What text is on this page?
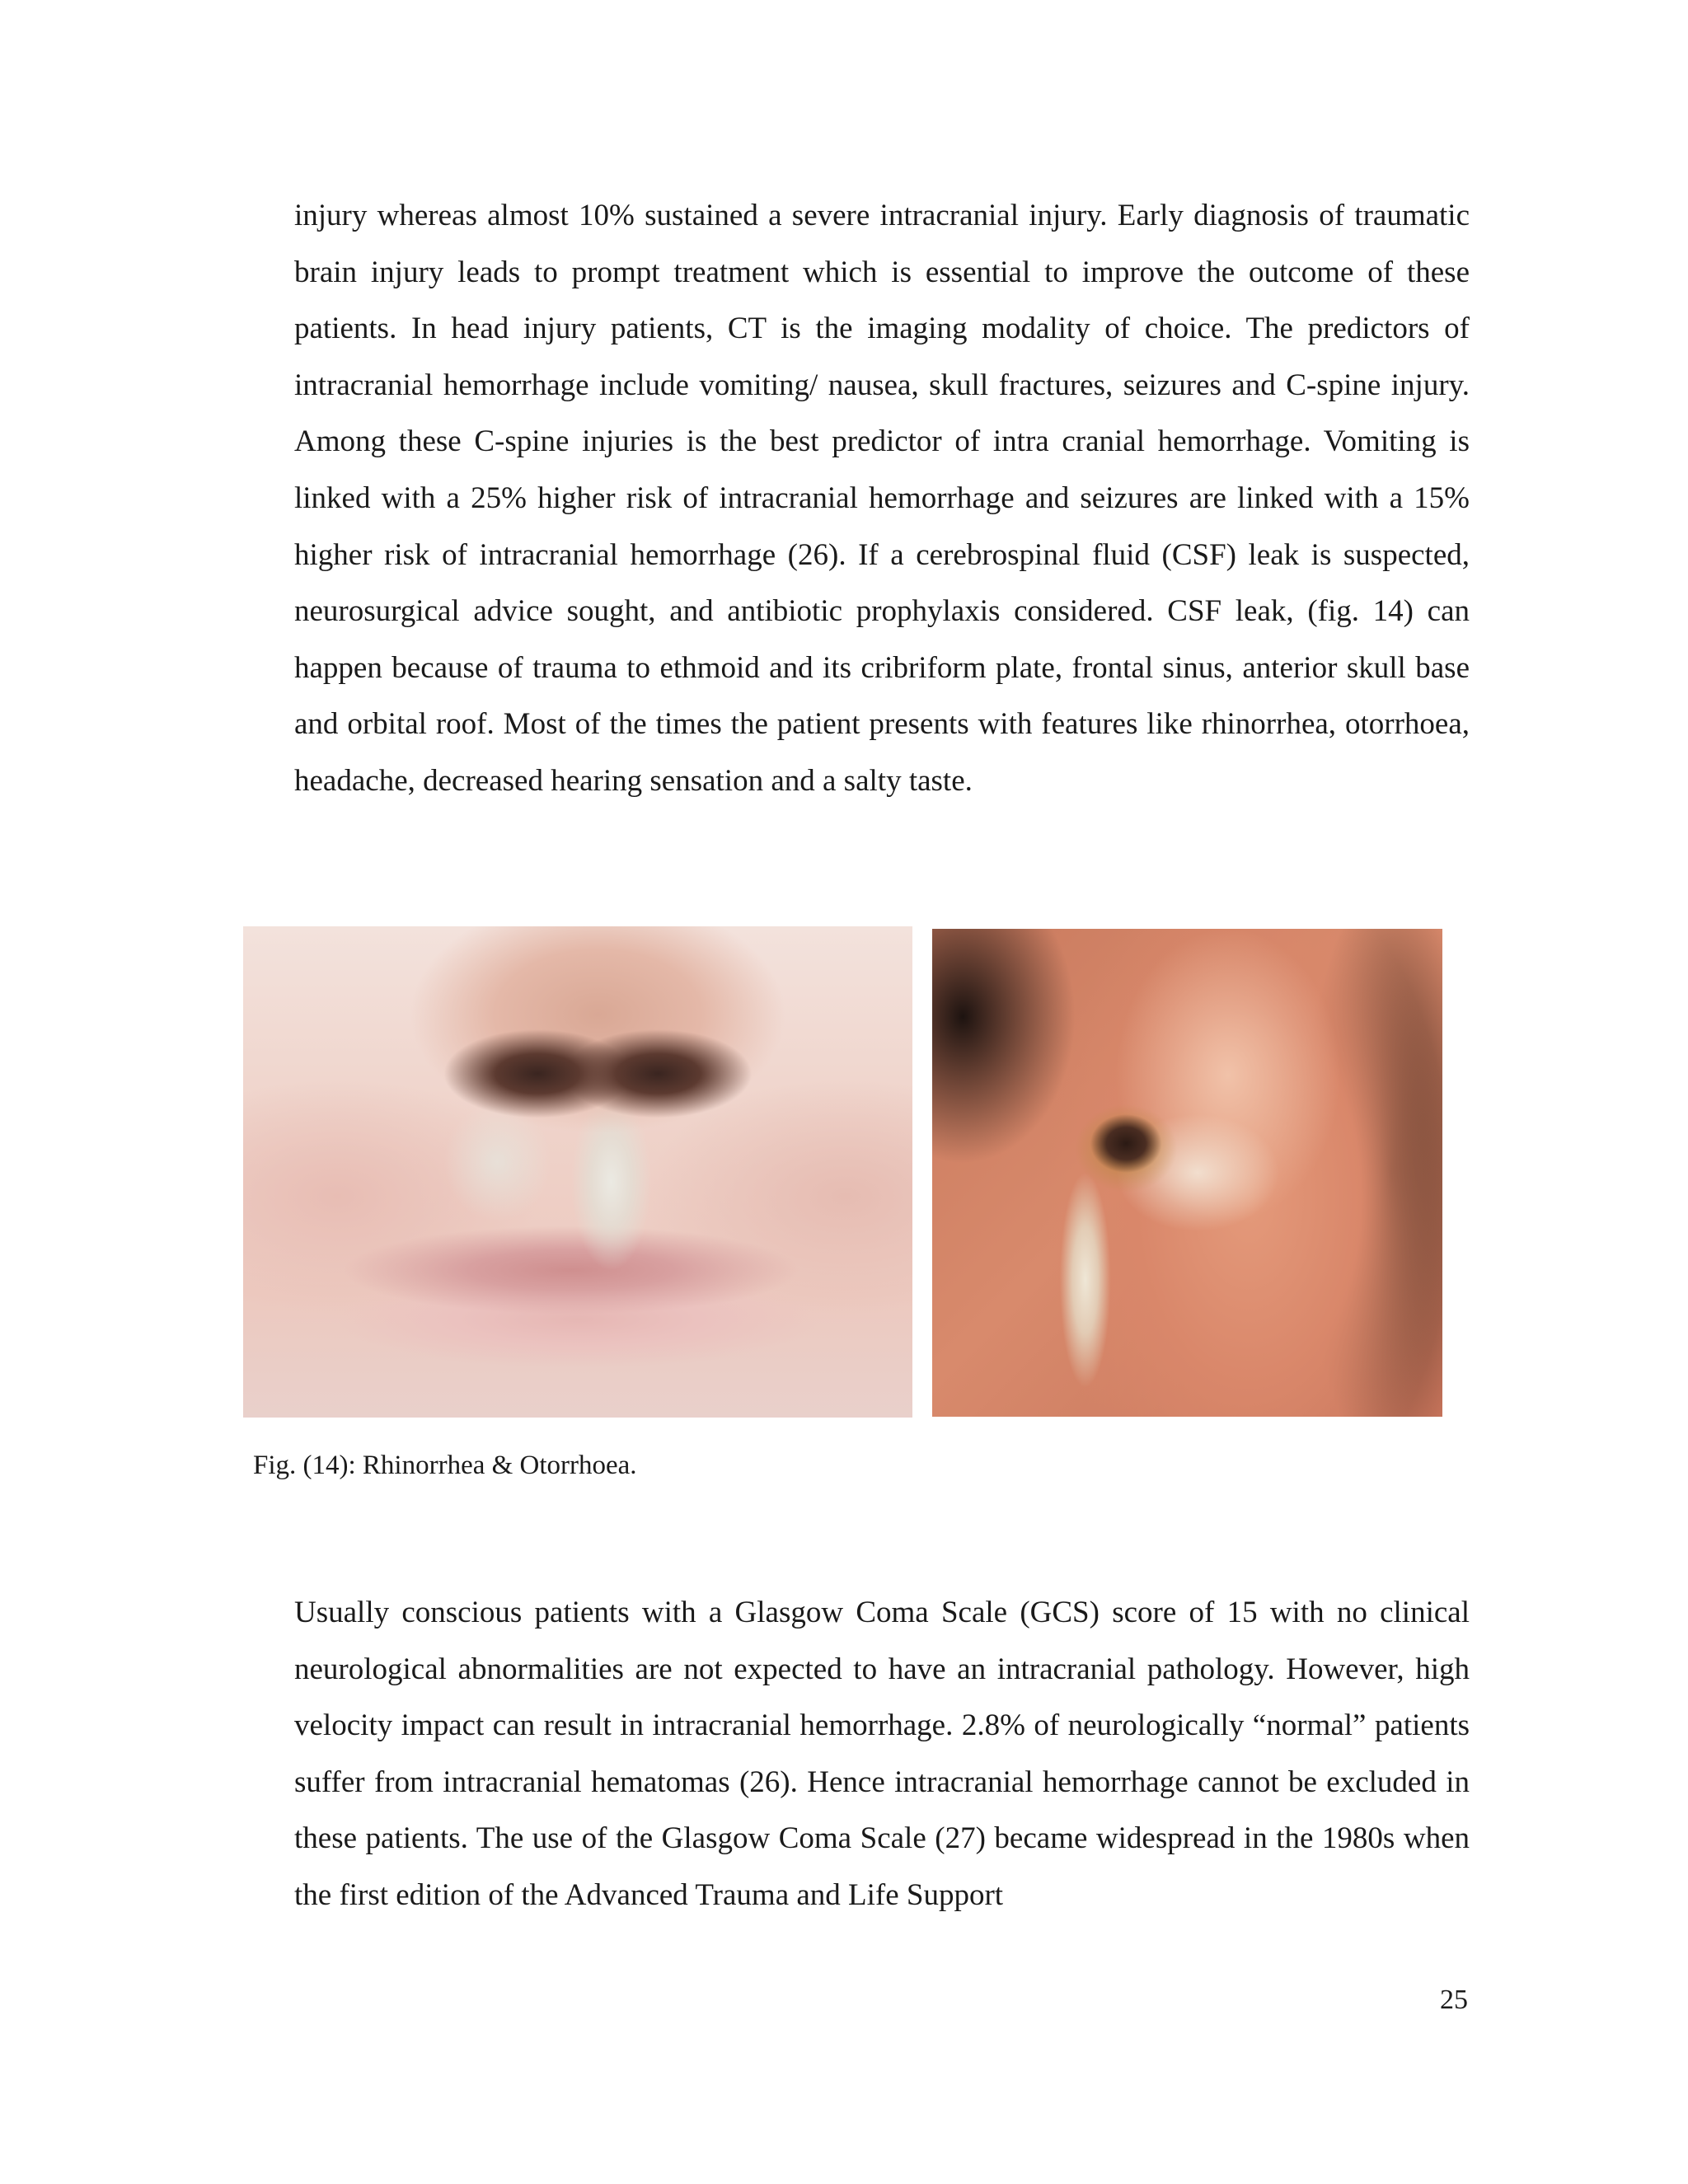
injury whereas almost 10% sustained a severe intracranial injury. Early diagnosis of traumatic brain injury leads to prompt treatment which is essential to improve the outcome of these patients. In head injury patients, CT is the imaging modality of choice. The predictors of intracranial hemorrhage include vomiting/ nausea, skull fractures, seizures and C-spine injury. Among these C-spine injuries is the best predictor of intra cranial hemorrhage. Vomiting is linked with a 25% higher risk of intracranial hemorrhage and seizures are linked with a 15% higher risk of intracranial hemorrhage (26). If a cerebrospinal fluid (CSF) leak is suspected, neurosurgical advice sought, and antibiotic prophylaxis considered. CSF leak, (fig. 14) can happen because of trauma to ethmoid and its cribriform plate, frontal sinus, anterior skull base and orbital roof. Most of the times the patient presents with features like rhinorrhea, otorrhoea, headache, decreased hearing sensation and a salty taste.

Fig. (14): Rhinorrhea & Otorrhoea.

Usually conscious patients with a Glasgow Coma Scale (GCS) score of 15 with no clinical neurological abnormalities are not expected to have an intracranial pathology. However, high velocity impact can result in intracranial hemorrhage. 2.8% of neurologically “normal” patients suffer from intracranial hematomas (26). Hence intracranial hemorrhage cannot be excluded in these patients. The use of the Glasgow Coma Scale (27) became widespread in the 1980s when the first edition of the Advanced Trauma and Life Support

25
